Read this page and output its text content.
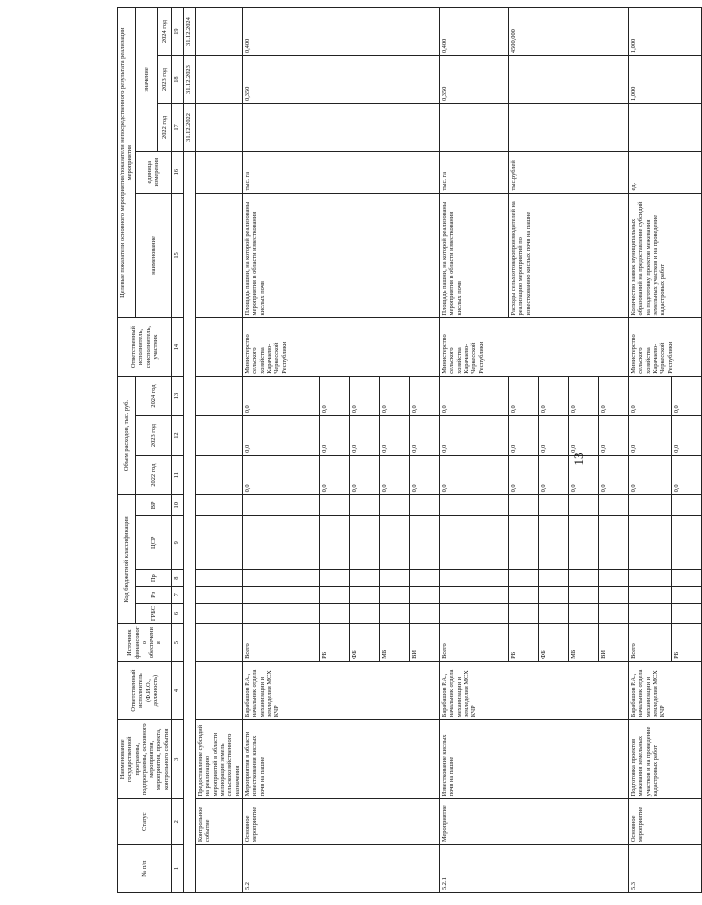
№ п/п	Статус	Наименование государственной программы, подпрограммы, основного мероприятия, мероприятия, проекта, контрольного события	Ответственный исполнитель (Ф.И.О., должность)	Источник финансового обеспечения	Код бюджетной классификации					Объем расходов, тыс. руб.			Ответственный исполнитель, соисполнитель, участник	Целевые показатели основного мероприятия/показатели непосредственного результата реализации мероприятия				
					ГРБС	Рз	Пр	ЦСР	ВР	2022 год	2023 год	2024 год		наименование	единица измерения	значение		
																2022 год	2023 год	2024 год
1	2	3	4	5	6	7	8	9	10	11	12	13	14	15	16	17	18	19
																31.12.2022	31.12.2023	31.12.2024
	Контрольное событие	Предоставление субсидий на реализацию мероприятий в области мелиорации земель сельскохозяйственного назначения																
5.2	Основное мероприятие	Мероприятия в области известкования кислых почв на пашне	Барабашов Р.А., начальник отдела механизации и земледелия МСХ КЧР	Всего						0,0	0,0	0,0	Министерство сельского хозяйства Карачаево-Черкесской Республики	Площадь пашни, на которой реализованы мероприятия в области известкования кислых почв	тыс. га		0,350	0,400
				РБ						0,0	0,0	0,0						
				ФБ						0,0	0,0	0,0						
				МБ						0,0	0,0	0,0						
				ВИ						0,0	0,0	0,0						
5.2.1	Мероприятие	Известкование кислых почв на пашне	Барабашов Р.А., начальник отдела механизации и земледелия МСХ КЧР	Всего						0,0	0,0	0,0	Министерство сельского хозяйства Карачаево-Черкесской Республики	Площадь пашни, на которой реализованы мероприятия в области известкования кислых почв	тыс. га		0,350	0,400
				РБ						0,0	0,0	0,0		Расходы сельхозтоваропроизводителей на реализацию мероприятий по известкованию кислых почв на пашне	тыс.рублей			4500,000
				ФБ						0,0	0,0	0,0						
				МБ						0,0	0,0	0,0						
				ВИ						0,0	0,0	0,0						
5.3	Основное мероприятие	Подготовка проектов межевания земельных участков и на проведение кадастровых работ	Барабашов Р.А., начальник отдела механизации и земледелия МСХ КЧР	Всего						0,0	0,0	0,0	Министерство сельского хозяйства Карачаево-Черкесской Республики	Количество заявок муниципальных образований на предоставление субсидий на подготовку проектов межевания земельных участков и на проведение кадастровых работ	ед.		1,000	1,000
				РБ						0,0	0,0	0,0						
13
